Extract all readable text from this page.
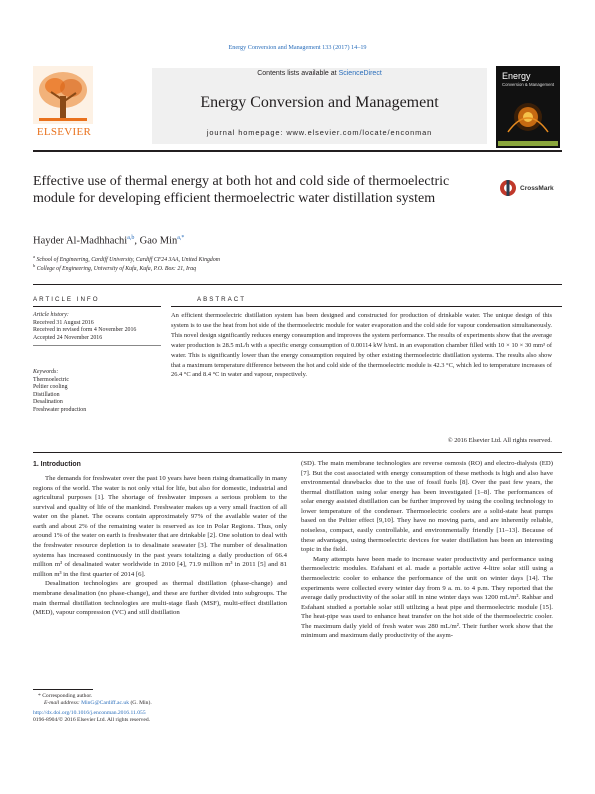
Energy Conversion and Management 133 (2017) 14–19
Contents lists available at ScienceDirect
Energy Conversion and Management
journal homepage: www.elsevier.com/locate/enconman
ELSEVIER
Energy
Conversion & Management
Effective use of thermal energy at both hot and cold side of thermoelectric module for developing efficient thermoelectric water distillation system
CrossMark
Hayder Al-Madhhachi$^{a,b}$, Gao Min$^{a,*}$
$^a$ School of Engineering, Cardiff University, Cardiff CF24 3AA, United Kingdom
$^b$ College of Engineering, University of Kufa, Kufa, P.O. Box: 21, Iraq
ARTICLE INFO	ABSTRACT
Article history:
Received 31 August 2016
Received in revised form 4 November 2016
Accepted 24 November 2016
Keywords:
Thermoelectric
Peltier cooling
Distillation
Desalination
Freshwater production
An efficient thermoelectric distillation system has been designed and constructed for production of drinkable water. The unique design of this system is to use the heat from hot side of the thermoelectric module for water evaporation and the cold side for vapour condensation simultaneously. This novel design significantly reduces energy consumption and improves the system performance. The results of experiments show that the average water production is 28.5 mL/h with a specific energy consumption of 0.00114 kW h/mL in an evaporation chamber filled with 10 × 10 × 30 mm³ of water. This is significantly lower than the energy consumption required by other existing thermoelectric distillation systems. The results also show that a maximum temperature difference between the hot and cold side of the thermoelectric module is 42.3 °C, which led to temperature increases of 26.4 °C and 8.4 °C in water and vapour, respectively.
© 2016 Elsevier Ltd. All rights reserved.
1. Introduction

The demands for freshwater over the past 10 years have been rising dramatically in many regions of the world. The water is not only vital for life, but also for domestic, industrial and agricultural purposes [1]. The shortage of freshwater imposes a serious problem to the survival and quality of life of the mankind. Freshwater makes up a very small fraction of all water on the planet. The oceans contain approximately 97% of the available water of the earth and about 2% of the remaining water is reserved as ice in Polar Regions. Thus, only around 1% of the water on earth is freshwater that are drinkable [2]. One solution to deal with the freshwater resource depletion is to desalinate seawater [3]. The number of desalination systems has increased continuously in the past years totalizing a daily production of 66.4 million m³ of desalinated water worldwide in 2010 [4], 71.9 million m³ in 2011 [5] and 81 million m³ in the first quarter of 2014 [6].

Desalination technologies are grouped as thermal distillation (phase-change) and membrane desalination (no phase-change), and these are further divided into subgroups. The main thermal distillation technologies are multi-stage flash (MSF), multi-effect distillation (MED), vapour compression (VC) and still distillation

(SD). The main membrane technologies are reverse osmosis (RO) and electro-dialysis (ED) [7]. But the cost associated with energy consumption of these methods is high and also have environmental drawbacks due to the use of fossil fuels [8]. Over the past few years, the thermal distillation using solar energy has been investigated [1–8]. The performances of solar energy assisted distillation can be further improved by using the cooling technology to lower temperature of the condenser. Thermoelectric coolers are a solid-state heat pumps based on the Peltier effect [9,10]. They have no moving parts, and are inherently reliable, noiseless, compact, easily controllable, and environmentally friendly [11–13]. Because of these advantages, using thermoelectric devices for water distillation has been an interesting topic in the field.

Many attempts have been made to increase water productivity and performance using thermoelectric modules. Esfahani et al. made a portable active 4-litre solar still using a thermoelectric cooler to enhance the performance of the unit on winter days [14]. The experiments were collected every winter day from 9 a. m. to 4 p.m. They reported that the average daily productivity of the solar still in nine winter days was 1200 mL/m². Rahbar and Esfahani studied a portable solar still utilizing a heat pipe and thermoelectric module [15]. The heat-pipe was used to enhance heat transfer on the hot side of the thermoelectric cooler. The maximum daily yield of fresh water was 280 mL/m². Their further work show that the minimum and maximum daily productivity of the asym-

* Corresponding author.
E-mail address: MinG@Cardiff.ac.uk (G. Min).
http://dx.doi.org/10.1016/j.enconman.2016.11.055
0196-8904/© 2016 Elsevier Ltd. All rights reserved.
